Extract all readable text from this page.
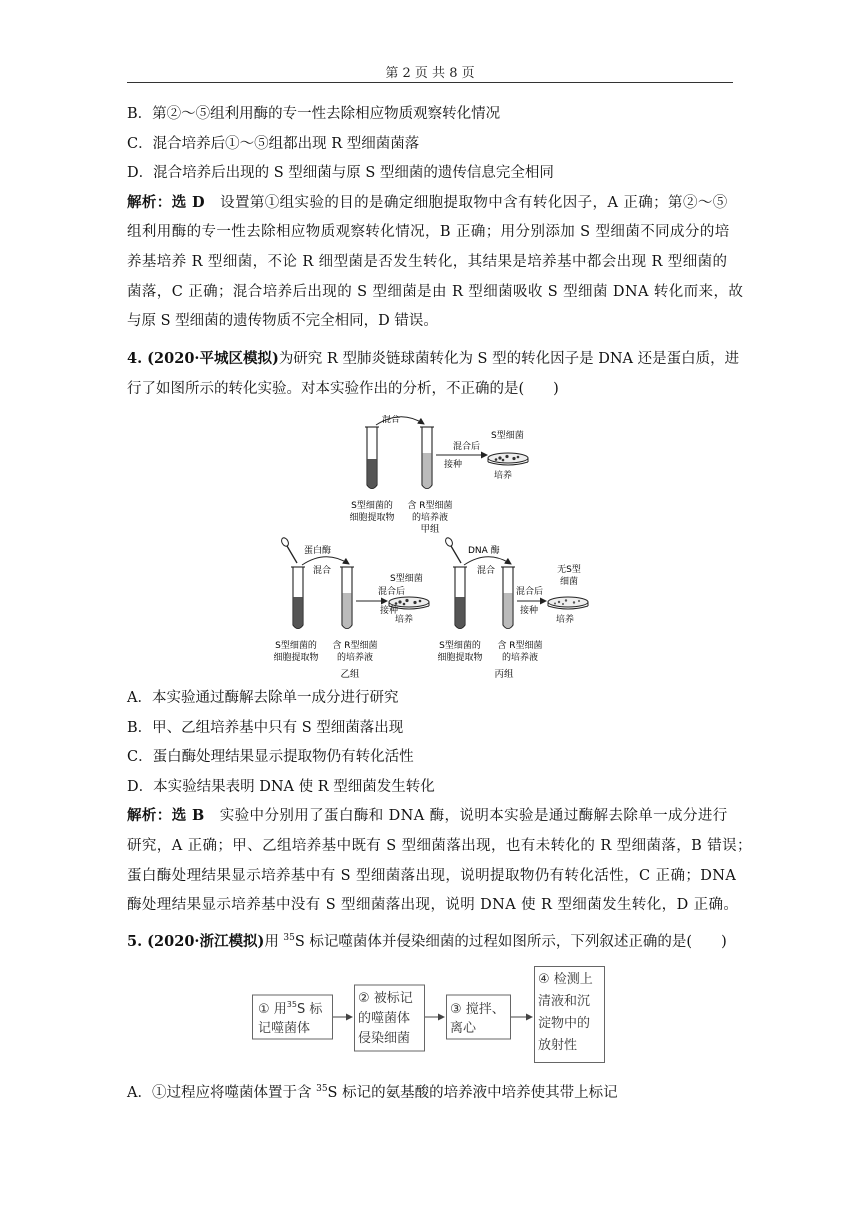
第 2 页 共 8 页
B．第②～⑤组利用酶的专一性去除相应物质观察转化情况
C．混合培养后①～⑤组都出现 R 型细菌菌落
D．混合培养后出现的 S 型细菌与原 S 型细菌的遗传信息完全相同
解析：选 D 设置第①组实验的目的是确定细胞提取物中含有转化因子，A 正确；第②～⑤
组利用酶的专一性去除相应物质观察转化情况，B 正确；用分别添加 S 型细菌不同成分的培
养基培养 R 型细菌，不论 R 细型菌是否发生转化，其结果是培养基中都会出现 R 型细菌的
菌落，C 正确；混合培养后出现的 S 型细菌是由 R 型细菌吸收 S 型细菌 DNA 转化而来，故
与原 S 型细菌的遗传物质不完全相同，D 错误。
4. (2020·平城区模拟)为研究 R 型肺炎链球菌转化为 S 型的转化因子是 DNA 还是蛋白质，进
行了如图所示的转化实验。对本实验作出的分析，不正确的是(　　)
混合
混合后
接种
S型细菌
培养
S型细菌的
细胞提取物
含 R型细菌
的培养液
甲组
蛋白酶
混合
混合后
接种
S型细菌
培养
S型细菌的
细胞提取物
含 R型细菌
的培养液
乙组
DNA 酶
混合
混合后
接种
无S型
细菌
培养
S型细菌的
细胞提取物
含 R型细菌
的培养液
丙组
A．本实验通过酶解去除单一成分进行研究
B．甲、乙组培养基中只有 S 型细菌落出现
C．蛋白酶处理结果显示提取物仍有转化活性
D．本实验结果表明 DNA 使 R 型细菌发生转化
解析：选 B 实验中分别用了蛋白酶和 DNA 酶，说明本实验是通过酶解去除单一成分进行
研究，A 正确；甲、乙组培养基中既有 S 型细菌落出现，也有未转化的 R 型细菌落，B 错误；
蛋白酶处理结果显示培养基中有 S 型细菌落出现，说明提取物仍有转化活性，C 正确；DNA
酶处理结果显示培养基中没有 S 型细菌落出现，说明 DNA 使 R 型细菌发生转化，D 正确。
5. (2020·浙江模拟)用 $^{35}$S 标记噬菌体并侵染细菌的过程如图所示，下列叙述正确的是(　　)
① 用$^{35}$S 标
记噬菌体
② 被标记
的噬菌体
侵染细菌
③ 搅拌、
离心
④ 检测上
清液和沉
淀物中的
放射性
A．①过程应将噬菌体置于含 $^{35}$S 标记的氨基酸的培养液中培养使其带上标记
